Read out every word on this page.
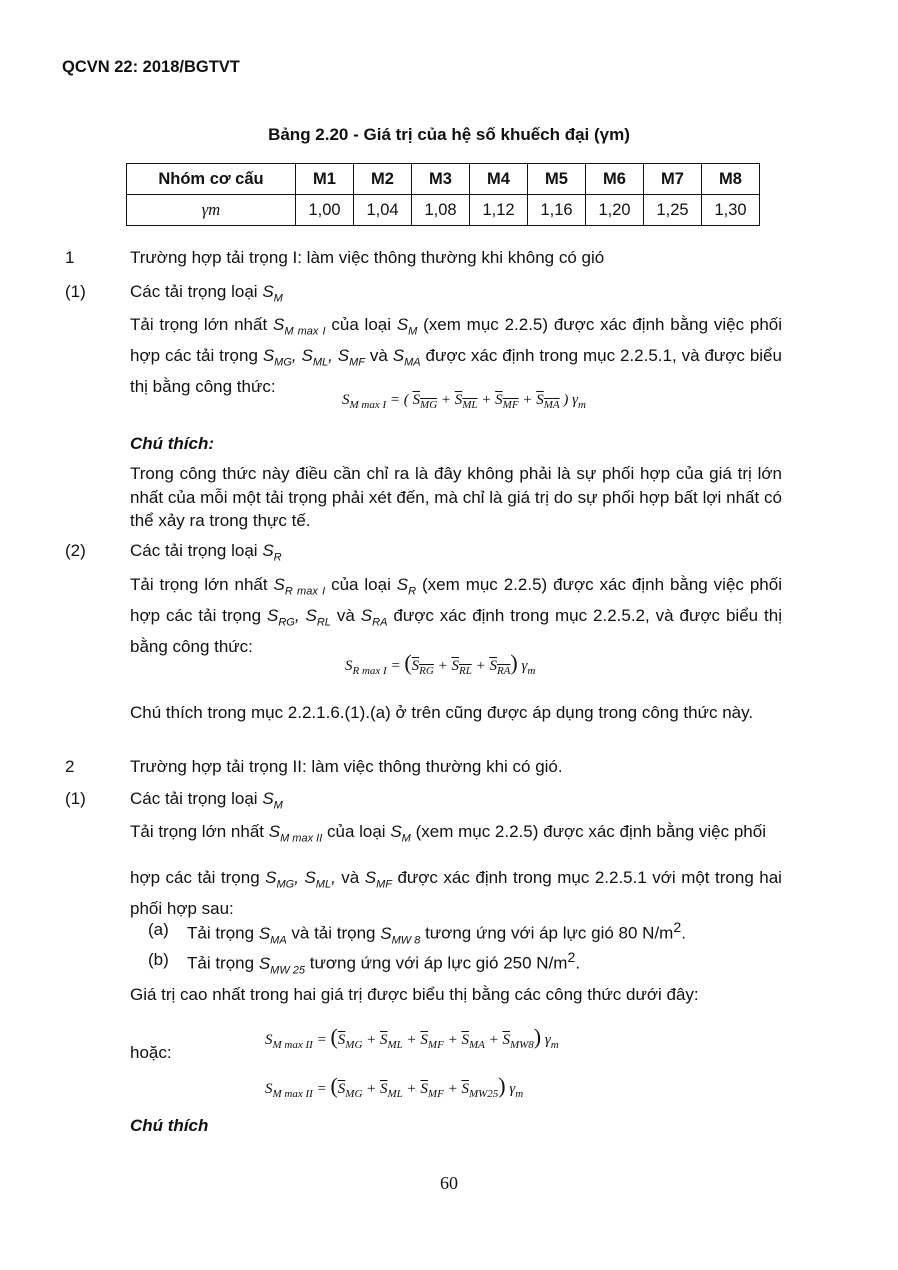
QCVN 22: 2018/BGTVT
Bảng 2.20 - Giá trị của hệ số khuếch đại (γm)
Nhóm cơ cấu	M1	M2	M3	M4	M5	M6	M7	M8
γm	1,00	1,04	1,08	1,12	1,16	1,20	1,25	1,30
1	Trường hợp tải trọng I: làm việc thông thường khi không có gió
(1)	Các tải trọng loại $S_M$
Tải trọng lớn nhất $S_{M max I}$ của loại $S_M$ (xem mục 2.2.5) được xác định bằng việc phối hợp các tải trọng $S_{MG}$, $S_{ML}$, $S_{MF}$ và $S_{MA}$ được xác định trong mục 2.2.5.1, và được biểu thị bằng công thức:
$S_{M max I}$ = ( $S_{MG} + S_{ML} + S_{MF} + S_{MA}$ ) $\gamma_m$
Chú thích:
Trong công thức này điều cần chỉ ra là đây không phải là sự phối hợp của giá trị lớn nhất của mỗi một tải trọng phải xét đến, mà chỉ là giá trị do sự phối hợp bất lợi nhất có thể xảy ra trong thực tế.
(2)	Các tải trọng loại $S_R$
Tải trọng lớn nhất $S_{R max I}$ của loại $S_R$ (xem mục 2.2.5) được xác định bằng việc phối hợp các tải trọng $S_{RG}$, $S_{RL}$ và $S_{RA}$ được xác định trong mục 2.2.5.2, và được biểu thị bằng công thức:
$S_{R max I} = (S_{RG} + S_{RL} + S_{RA})$ $\gamma_m$
Chú thích trong mục 2.2.1.6.(1).(a) ở trên cũng được áp dụng trong công thức này.
2	Trường hợp tải trọng II: làm việc thông thường khi có gió.
(1)	Các tải trọng loại $S_M$
Tải trọng lớn nhất $S_{M max II}$ của loại $S_M$ (xem mục 2.2.5) được xác định bằng việc phối
hợp các tải trọng $S_{MG}$, $S_{ML}$, và $S_{MF}$ được xác định trong mục 2.2.5.1 với một trong hai phối hợp sau:
(a) Tải trọng $S_{MA}$ và tải trọng $S_{MW 8}$ tương ứng với áp lực gió 80 $N/m^2$.
(b) Tải trọng $S_{MW 25}$ tương ứng với áp lực gió 250 $N/m^2$.
Giá trị cao nhất trong hai giá trị được biểu thị bằng các công thức dưới đây:
$S_{M max II} = (\overline{S}_{MG} + \overline{S}_{ML} + \overline{S}_{MF} + \overline{S}_{MA} + \overline{S}_{MW8})$ $\gamma_m$
hoặc:
$S_{M max II} = (\overline{S}_{MG} + \overline{S}_{ML} + \overline{S}_{MF} + \overline{S}_{MW25})$ $\gamma_m$
Chú thích
60
